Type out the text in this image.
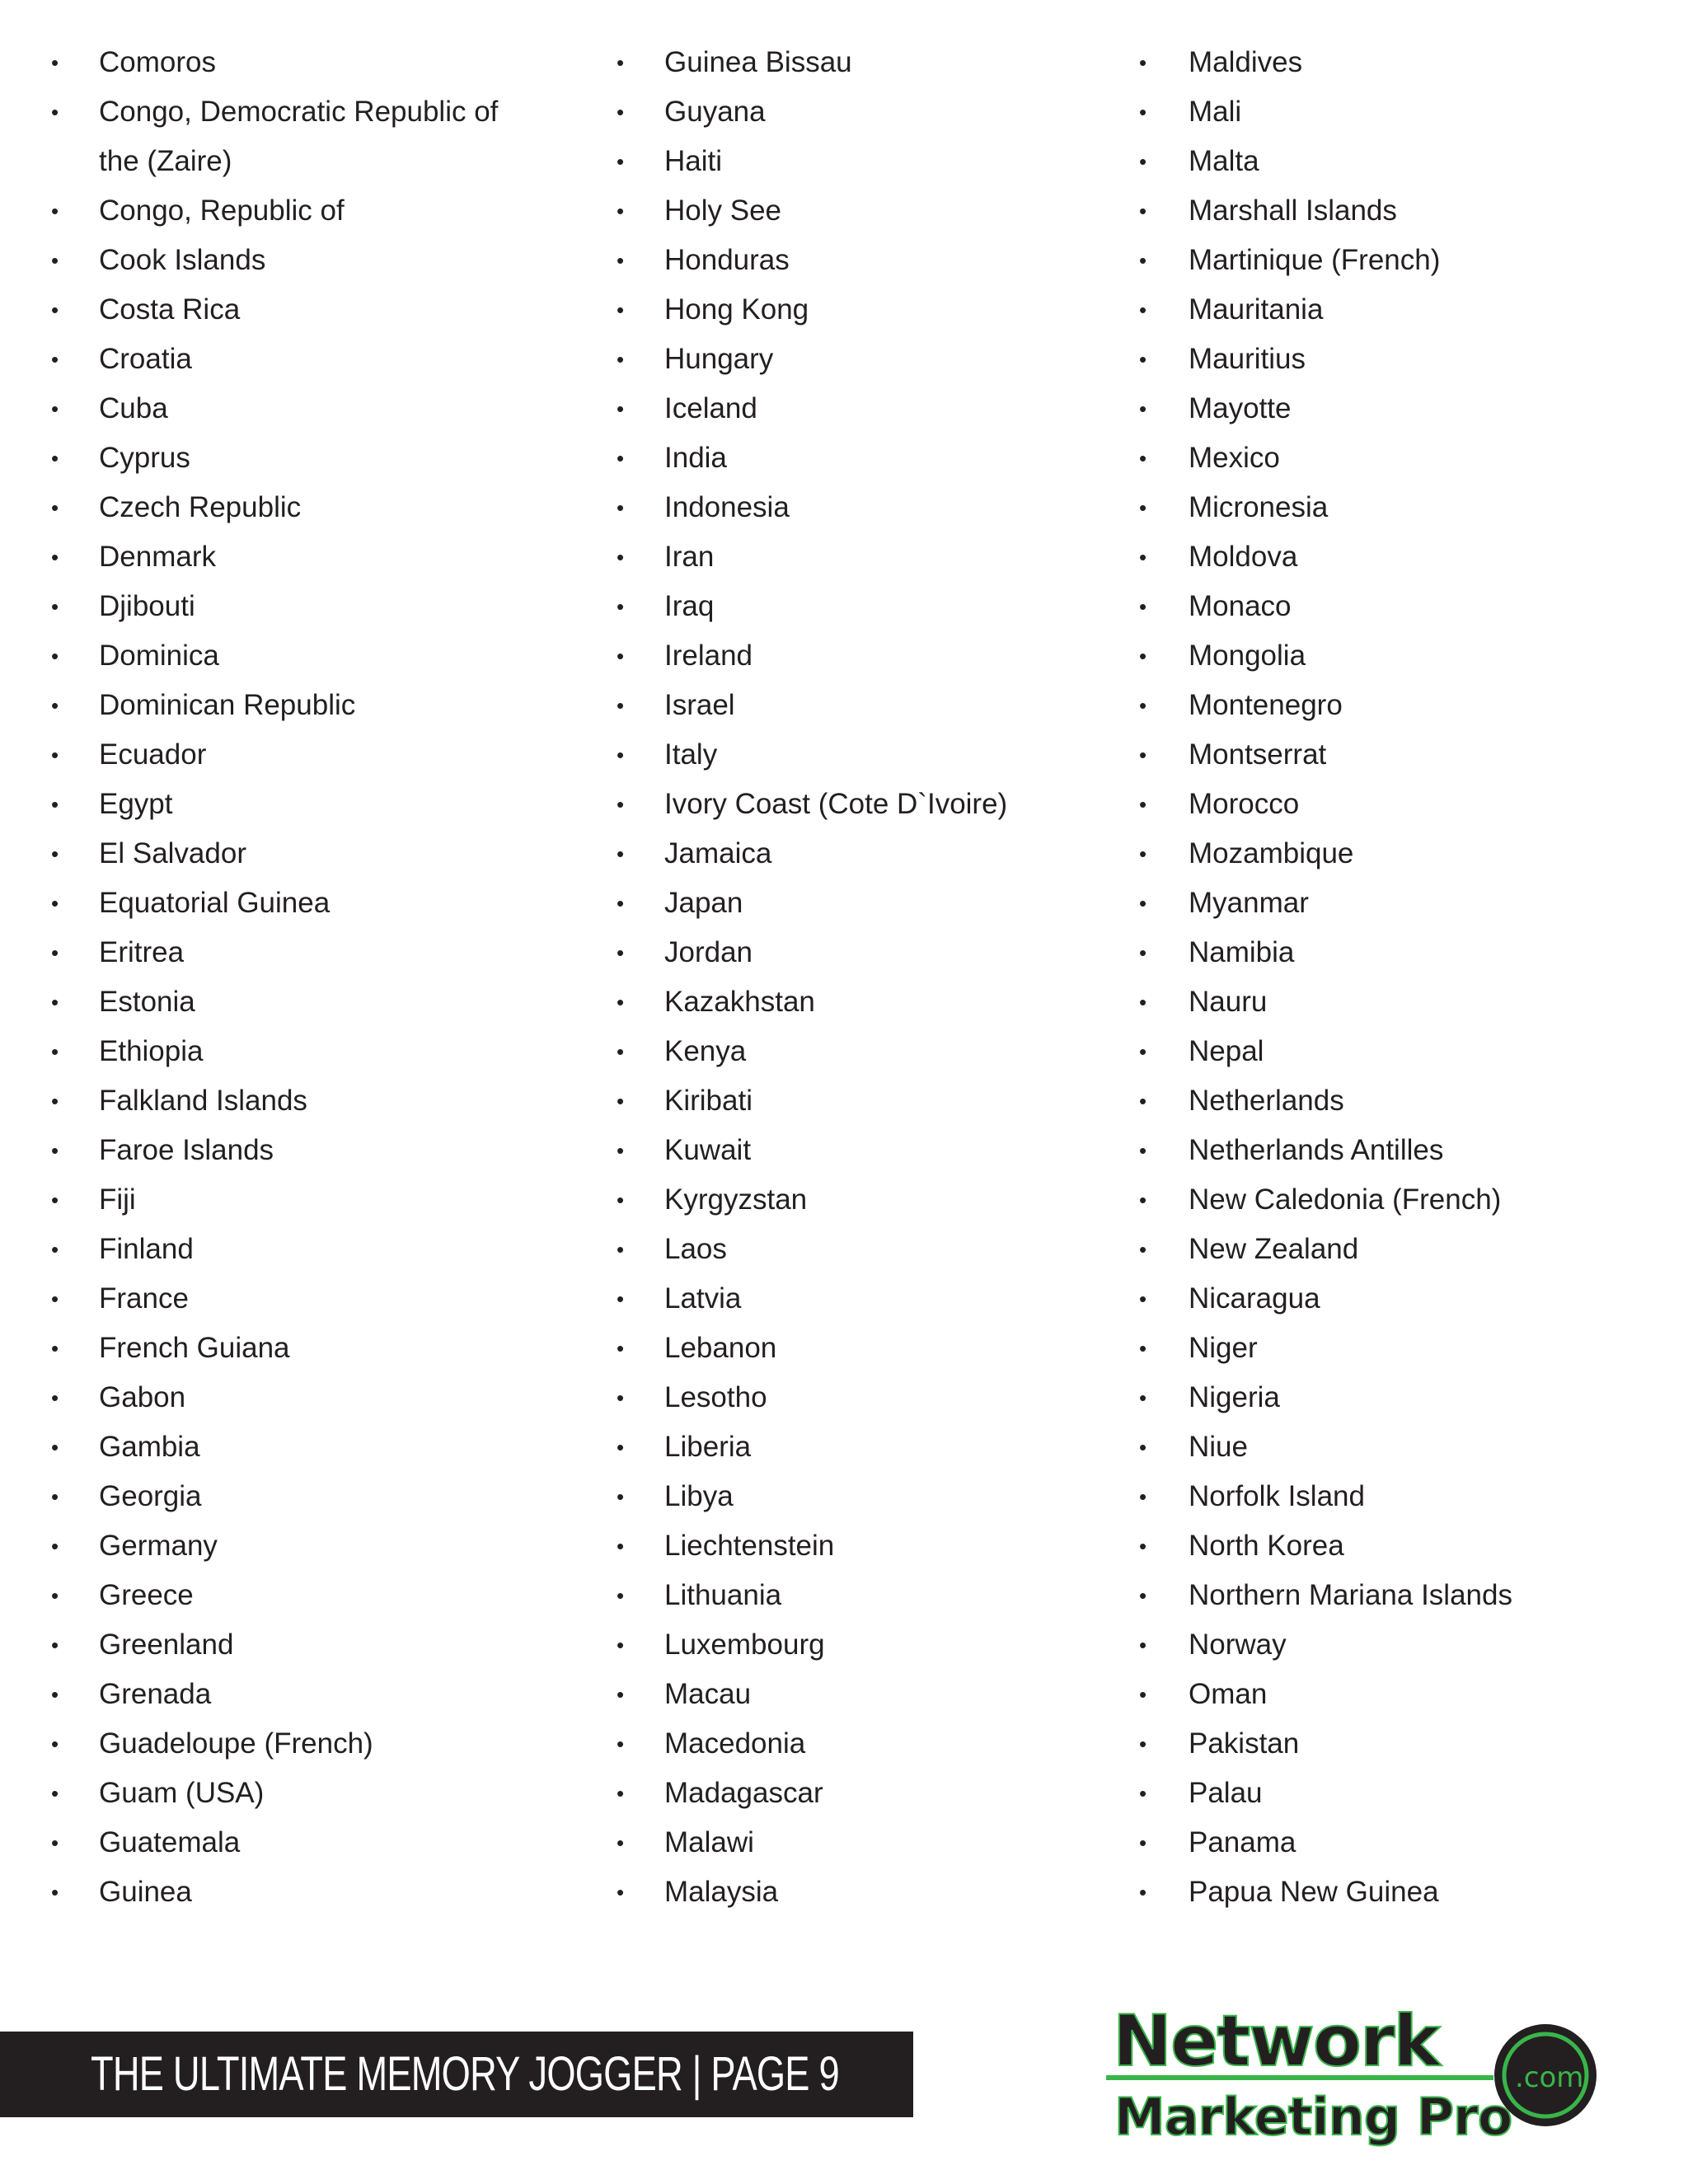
• Comoros
• Congo, Democratic Republic of the (Zaire)
• Congo, Republic of
• Cook Islands
• Costa Rica
• Croatia
• Cuba
• Cyprus
• Czech Republic
• Denmark
• Djibouti
• Dominica
• Dominican Republic
• Ecuador
• Egypt
• El Salvador
• Equatorial Guinea
• Eritrea
• Estonia
• Ethiopia
• Falkland Islands
• Faroe Islands
• Fiji
• Finland
• France
• French Guiana
• Gabon
• Gambia
• Georgia
• Germany
• Greece
• Greenland
• Grenada
• Guadeloupe (French)
• Guam (USA)
• Guatemala
• Guinea
• Guinea Bissau
• Guyana
• Haiti
• Holy See
• Honduras
• Hong Kong
• Hungary
• Iceland
• India
• Indonesia
• Iran
• Iraq
• Ireland
• Israel
• Italy
• Ivory Coast (Cote D`Ivoire)
• Jamaica
• Japan
• Jordan
• Kazakhstan
• Kenya
• Kiribati
• Kuwait
• Kyrgyzstan
• Laos
• Latvia
• Lebanon
• Lesotho
• Liberia
• Libya
• Liechtenstein
• Lithuania
• Luxembourg
• Macau
• Macedonia
• Madagascar
• Malawi
• Malaysia
• Maldives
• Mali
• Malta
• Marshall Islands
• Martinique (French)
• Mauritania
• Mauritius
• Mayotte
• Mexico
• Micronesia
• Moldova
• Monaco
• Mongolia
• Montenegro
• Montserrat
• Morocco
• Mozambique
• Myanmar
• Namibia
• Nauru
• Nepal
• Netherlands
• Netherlands Antilles
• New Caledonia (French)
• New Zealand
• Nicaragua
• Niger
• Nigeria
• Niue
• Norfolk Island
• North Korea
• Northern Mariana Islands
• Norway
• Oman
• Pakistan
• Palau
• Panama
• Papua New Guinea
THE ULTIMATE MEMORY JOGGER | PAGE 9	Network
Marketing Pro
.com
